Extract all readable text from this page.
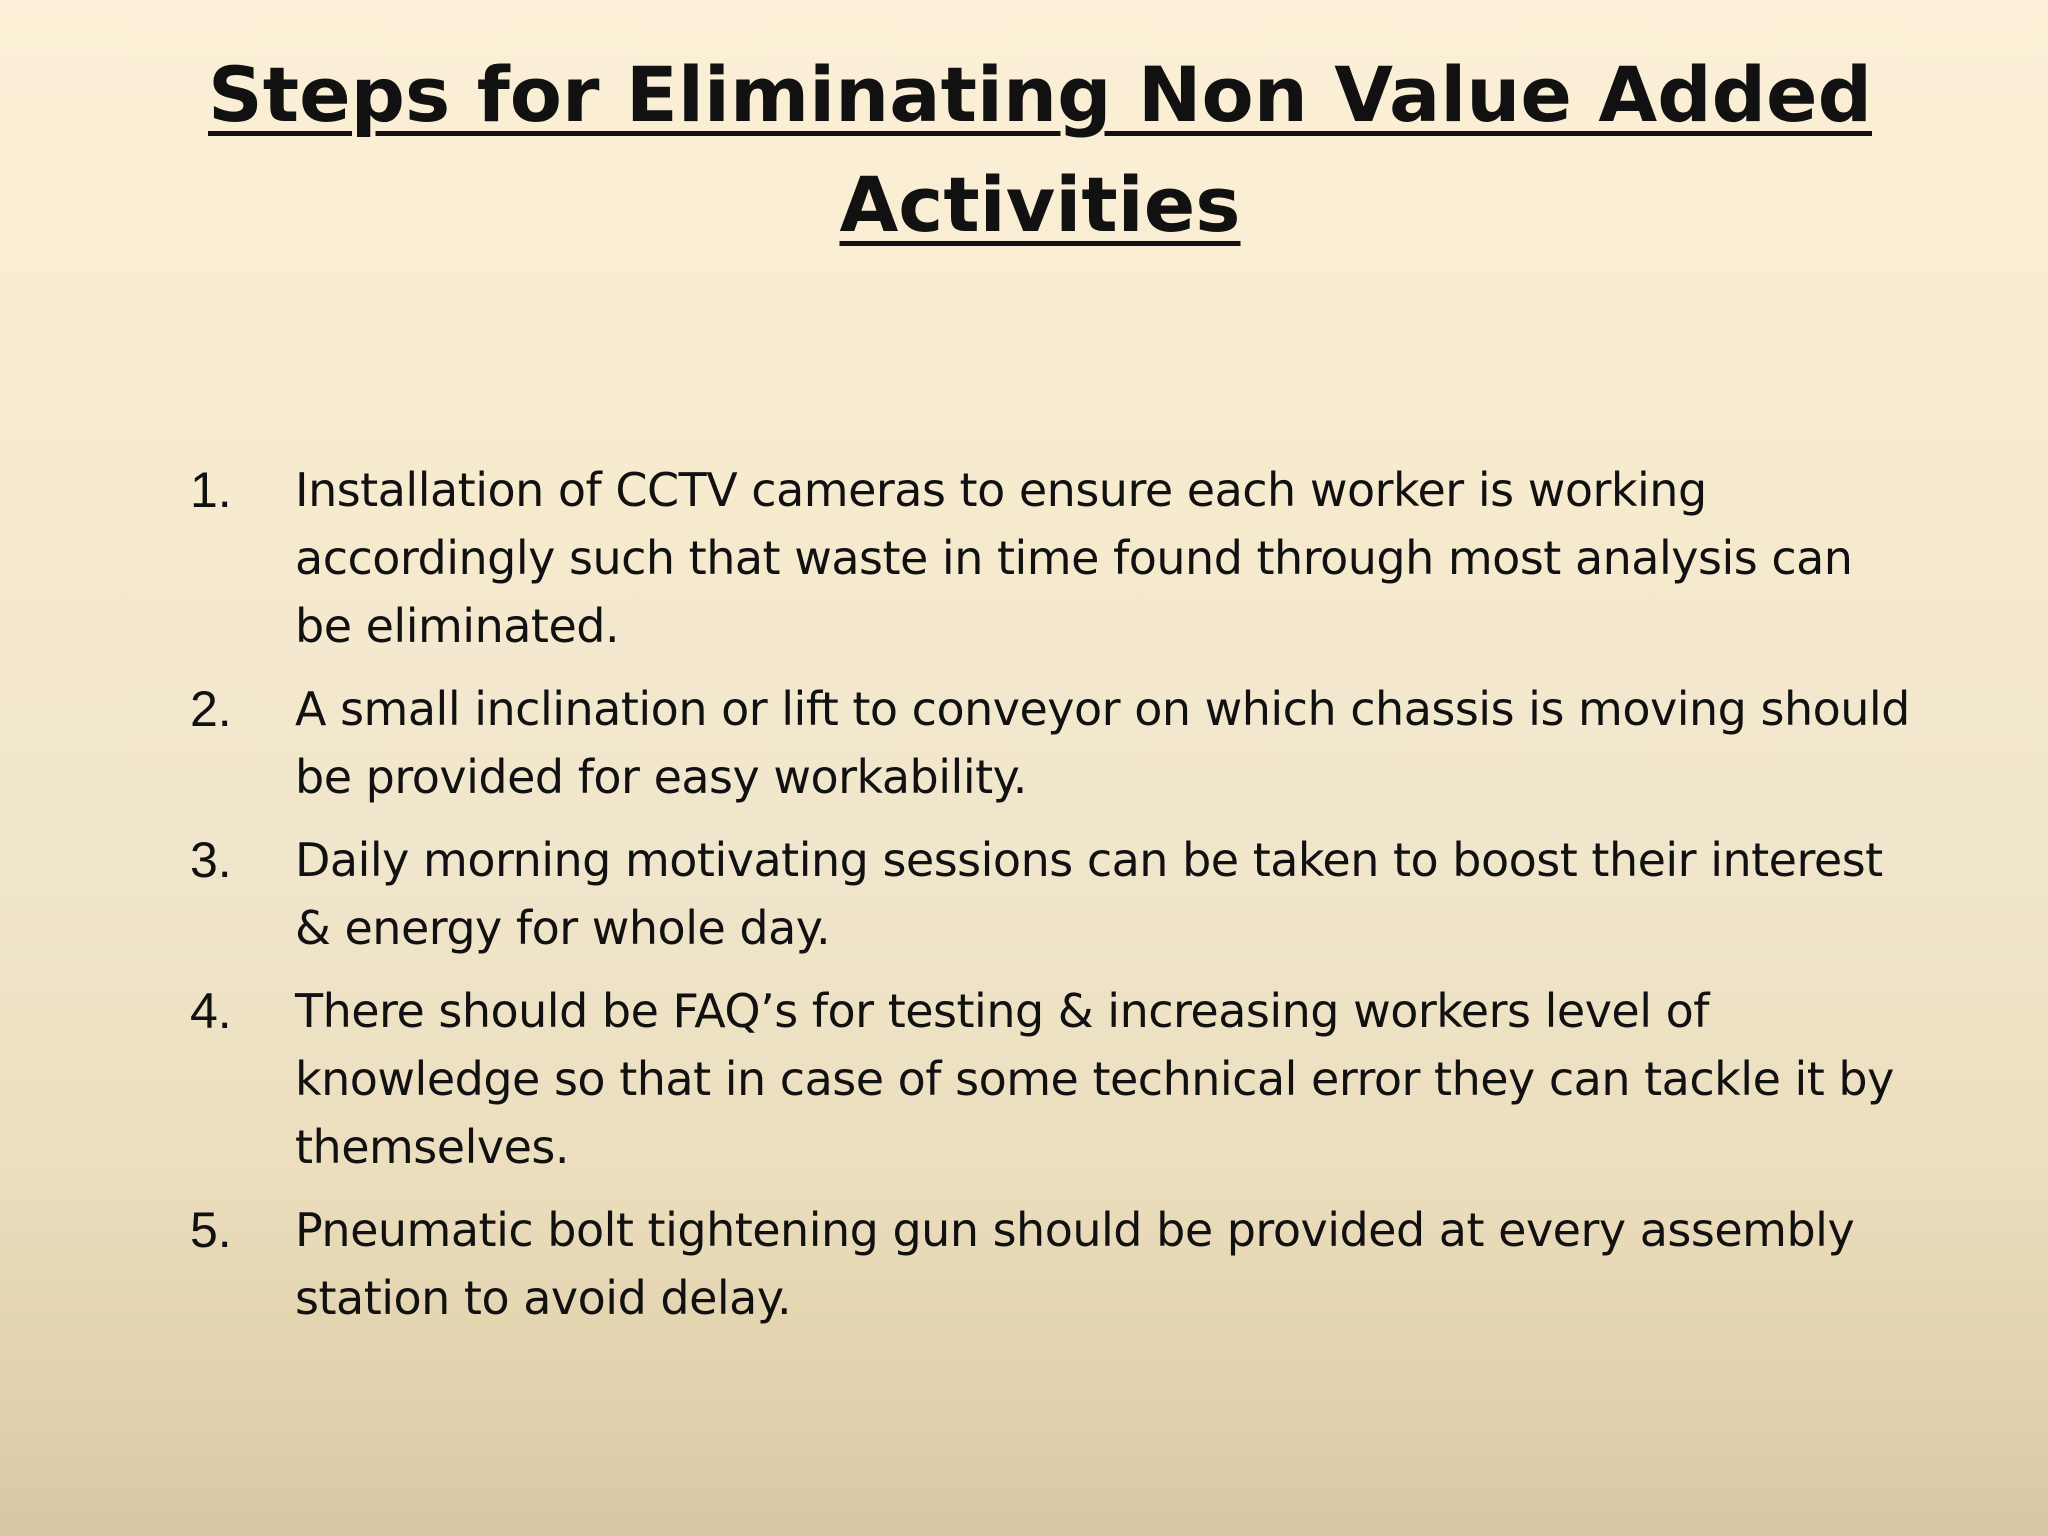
Steps for Eliminating Non Value Added Activities
1.	Installation of CCTV cameras to ensure each worker is working accordingly such that waste in time found through most analysis can be eliminated.
2.	A small inclination or lift to conveyor on which chassis is moving should be provided for easy workability.
3.	Daily morning motivating sessions can be taken to boost their interest & energy for whole day.
4.	There should be FAQ’s for testing & increasing workers level of knowledge so that in case of some technical error they can tackle it by themselves.
5.	Pneumatic bolt tightening gun should be provided at every assembly station to avoid delay.
